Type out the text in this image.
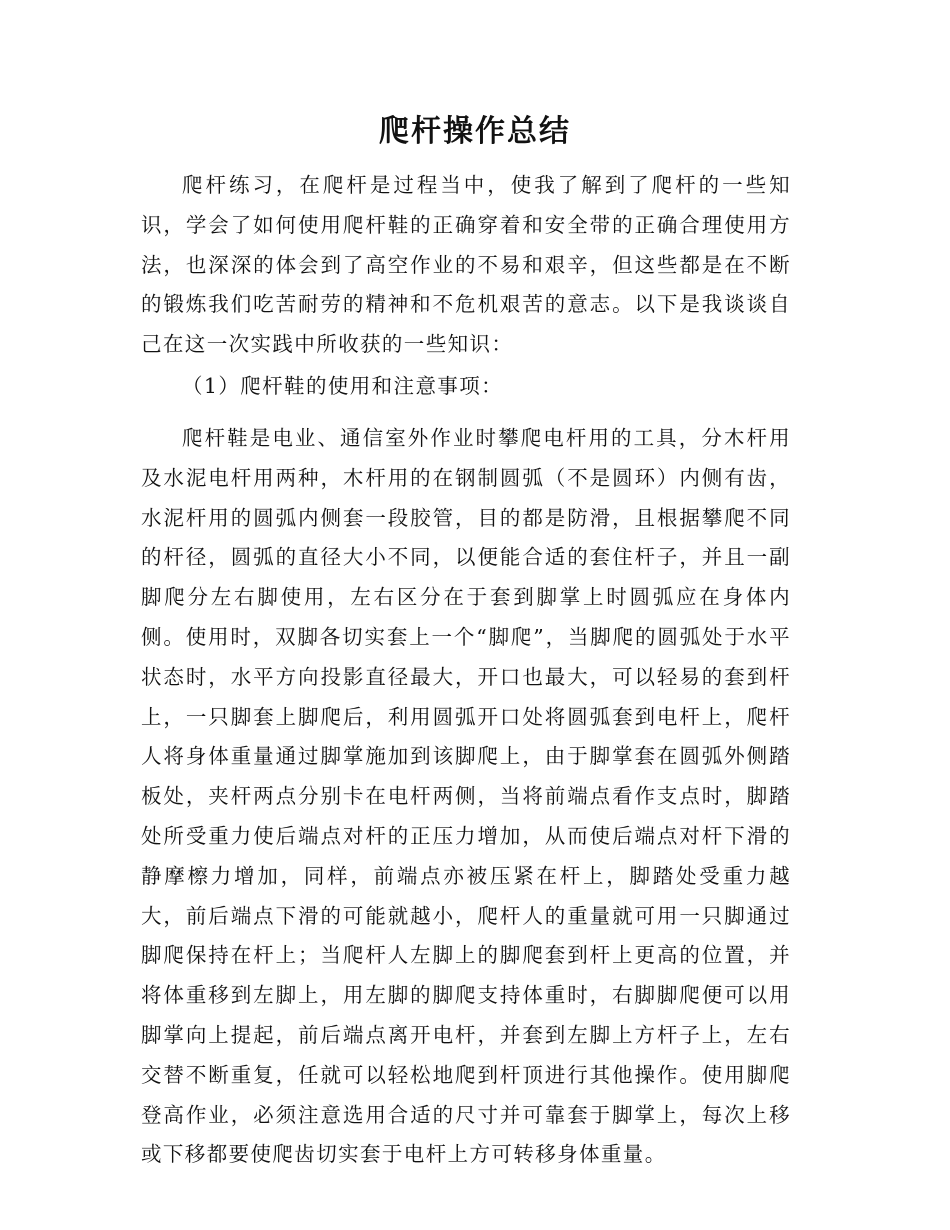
爬杆操作总结

爬杆练习，在爬杆是过程当中，使我了解到了爬杆的一些知识，学会了如何使用爬杆鞋的正确穿着和安全带的正确合理使用方法，也深深的体会到了高空作业的不易和艰辛，但这些都是在不断的锻炼我们吃苦耐劳的精神和不危机艰苦的意志。以下是我谈谈自己在这一次实践中所收获的一些知识：

（1）爬杆鞋的使用和注意事项：

爬杆鞋是电业、通信室外作业时攀爬电杆用的工具，分木杆用及水泥电杆用两种，木杆用的在钢制圆弧（不是圆环）内侧有齿，水泥杆用的圆弧内侧套一段胶管，目的都是防滑，且根据攀爬不同的杆径，圆弧的直径大小不同，以便能合适的套住杆子，并且一副脚爬分左右脚使用，左右区分在于套到脚掌上时圆弧应在身体内侧。使用时，双脚各切实套上一个“脚爬”，当脚爬的圆弧处于水平状态时，水平方向投影直径最大，开口也最大，可以轻易的套到杆上，一只脚套上脚爬后，利用圆弧开口处将圆弧套到电杆上，爬杆人将身体重量通过脚掌施加到该脚爬上，由于脚掌套在圆弧外侧踏板处，夹杆两点分别卡在电杆两侧，当将前端点看作支点时，脚踏处所受重力使后端点对杆的正压力增加，从而使后端点对杆下滑的静摩檫力增加，同样，前端点亦被压紧在杆上，脚踏处受重力越大，前后端点下滑的可能就越小，爬杆人的重量就可用一只脚通过脚爬保持在杆上；当爬杆人左脚上的脚爬套到杆上更高的位置，并将体重移到左脚上，用左脚的脚爬支持体重时，右脚脚爬便可以用脚掌向上提起，前后端点离开电杆，并套到左脚上方杆子上，左右交替不断重复，任就可以轻松地爬到杆顶进行其他操作。使用脚爬登高作业，必须注意选用合适的尺寸并可靠套于脚掌上，每次上移或下移都要使爬齿切实套于电杆上方可转移身体重量。
